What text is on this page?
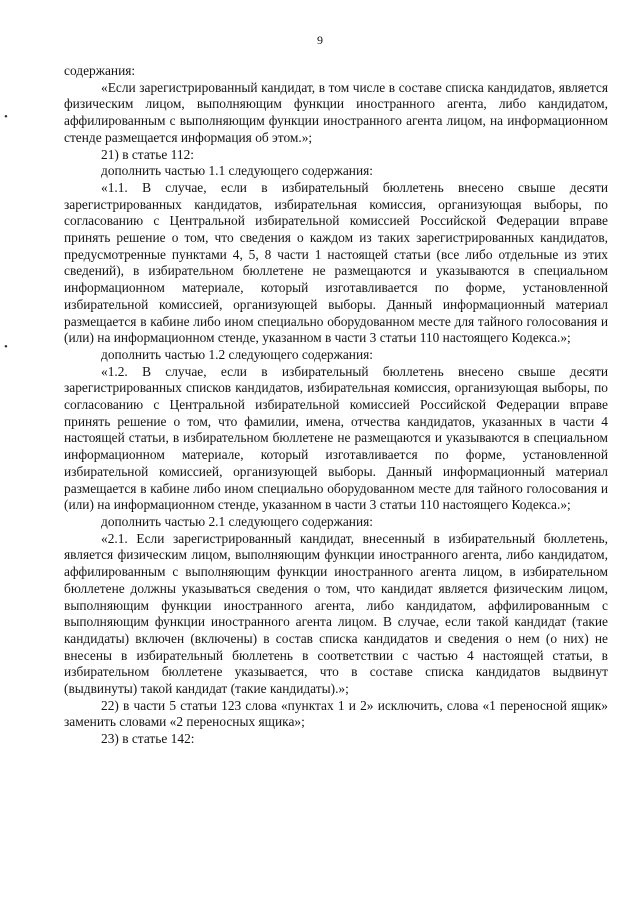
9
•
•

содержания:

«Если зарегистрированный кандидат, в том числе в составе списка кандидатов, является физическим лицом, выполняющим функции иностранного агента, либо кандидатом, аффилированным с выполняющим функции иностранного агента лицом, на информационном стенде размещается информация об этом.»;

21) в статье 112:

дополнить частью 1.1 следующего содержания:

«1.1. В случае, если в избирательный бюллетень внесено свыше десяти зарегистрированных кандидатов, избирательная комиссия, организующая выборы, по согласованию с Центральной избирательной комиссией Российской Федерации вправе принять решение о том, что сведения о каждом из таких зарегистрированных кандидатов, предусмотренные пунктами 4, 5, 8 части 1 настоящей статьи (все либо отдельные из этих сведений), в избирательном бюллетене не размещаются и указываются в специальном информационном материале, который изготавливается по форме, установленной избирательной комиссией, организующей выборы. Данный информационный материал размещается в кабине либо ином специально оборудованном месте для тайного голосования и (или) на информационном стенде, указанном в части 3 статьи 110 настоящего Кодекса.»;

дополнить частью 1.2 следующего содержания:

«1.2. В случае, если в избирательный бюллетень внесено свыше десяти зарегистрированных списков кандидатов, избирательная комиссия, организующая выборы, по согласованию с Центральной избирательной комиссией Российской Федерации вправе принять решение о том, что фамилии, имена, отчества кандидатов, указанных в части 4 настоящей статьи, в избирательном бюллетене не размещаются и указываются в специальном информационном материале, который изготавливается по форме, установленной избирательной комиссией, организующей выборы. Данный информационный материал размещается в кабине либо ином специально оборудованном месте для тайного голосования и (или) на информационном стенде, указанном в части 3 статьи 110 настоящего Кодекса.»;

дополнить частью 2.1 следующего содержания:

«2.1. Если зарегистрированный кандидат, внесенный в избирательный бюллетень, является физическим лицом, выполняющим функции иностранного агента, либо кандидатом, аффилированным с выполняющим функции иностранного агента лицом, в избирательном бюллетене должны указываться сведения о том, что кандидат является физическим лицом, выполняющим функции иностранного агента, либо кандидатом, аффилированным с выполняющим функции иностранного агента лицом. В случае, если такой кандидат (такие кандидаты) включен (включены) в состав списка кандидатов и сведения о нем (о них) не внесены в избирательный бюллетень в соответствии с частью 4 настоящей статьи, в избирательном бюллетене указывается, что в составе списка кандидатов выдвинут (выдвинуты) такой кандидат (такие кандидаты).»;

22) в части 5 статьи 123 слова «пунктах 1 и 2» исключить, слова «1 переносной ящик» заменить словами «2 переносных ящика»;

23) в статье 142:
